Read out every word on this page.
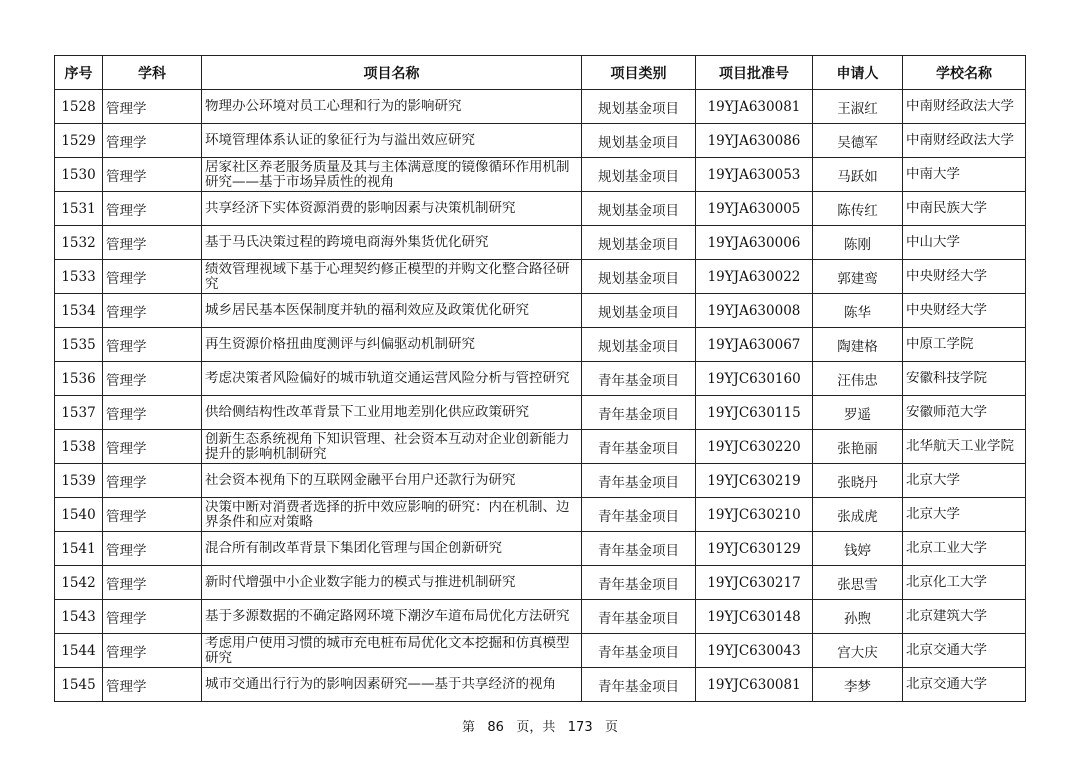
序号	学科	项目名称	项目类别	项目批准号	申请人	学校名称
1528	管理学	物理办公环境对员工心理和行为的影响研究	规划基金项目	19YJA630081	王淑红	中南财经政法大学

1529	管理学	环境管理体系认证的象征行为与溢出效应研究	规划基金项目	19YJA630086	吴德军	中南财经政法大学

1530	管理学	居家社区养老服务质量及其与主体满意度的镜像循环作用机制研究——基于市场异质性的视角	规划基金项目	19YJA630053	马跃如	中南大学

1531	管理学	共享经济下实体资源消费的影响因素与决策机制研究	规划基金项目	19YJA630005	陈传红	中南民族大学

1532	管理学	基于马氏决策过程的跨境电商海外集货优化研究	规划基金项目	19YJA630006	陈刚	中山大学

1533	管理学	绩效管理视域下基于心理契约修正模型的并购文化整合路径研究	规划基金项目	19YJA630022	郭建鸾	中央财经大学

1534	管理学	城乡居民基本医保制度并轨的福利效应及政策优化研究	规划基金项目	19YJA630008	陈华	中央财经大学

1535	管理学	再生资源价格扭曲度测评与纠偏驱动机制研究	规划基金项目	19YJA630067	陶建格	中原工学院

1536	管理学	考虑决策者风险偏好的城市轨道交通运营风险分析与管控研究	青年基金项目	19YJC630160	汪伟忠	安徽科技学院

1537	管理学	供给侧结构性改革背景下工业用地差别化供应政策研究	青年基金项目	19YJC630115	罗遥	安徽师范大学

1538	管理学	创新生态系统视角下知识管理、社会资本互动对企业创新能力提升的影响机制研究	青年基金项目	19YJC630220	张艳丽	北华航天工业学院

1539	管理学	社会资本视角下的互联网金融平台用户还款行为研究	青年基金项目	19YJC630219	张晓丹	北京大学

1540	管理学	决策中断对消费者选择的折中效应影响的研究：内在机制、边界条件和应对策略	青年基金项目	19YJC630210	张成虎	北京大学

1541	管理学	混合所有制改革背景下集团化管理与国企创新研究	青年基金项目	19YJC630129	钱婷	北京工业大学

1542	管理学	新时代增强中小企业数字能力的模式与推进机制研究	青年基金项目	19YJC630217	张思雪	北京化工大学

1543	管理学	基于多源数据的不确定路网环境下潮汐车道布局优化方法研究	青年基金项目	19YJC630148	孙煦	北京建筑大学

1544	管理学	考虑用户使用习惯的城市充电桩布局优化文本挖掘和仿真模型研究	青年基金项目	19YJC630043	宫大庆	北京交通大学

1545	管理学	城市交通出行行为的影响因素研究——基于共享经济的视角	青年基金项目	19YJC630081	李梦	北京交通大学
第 86 页，共 173 页
